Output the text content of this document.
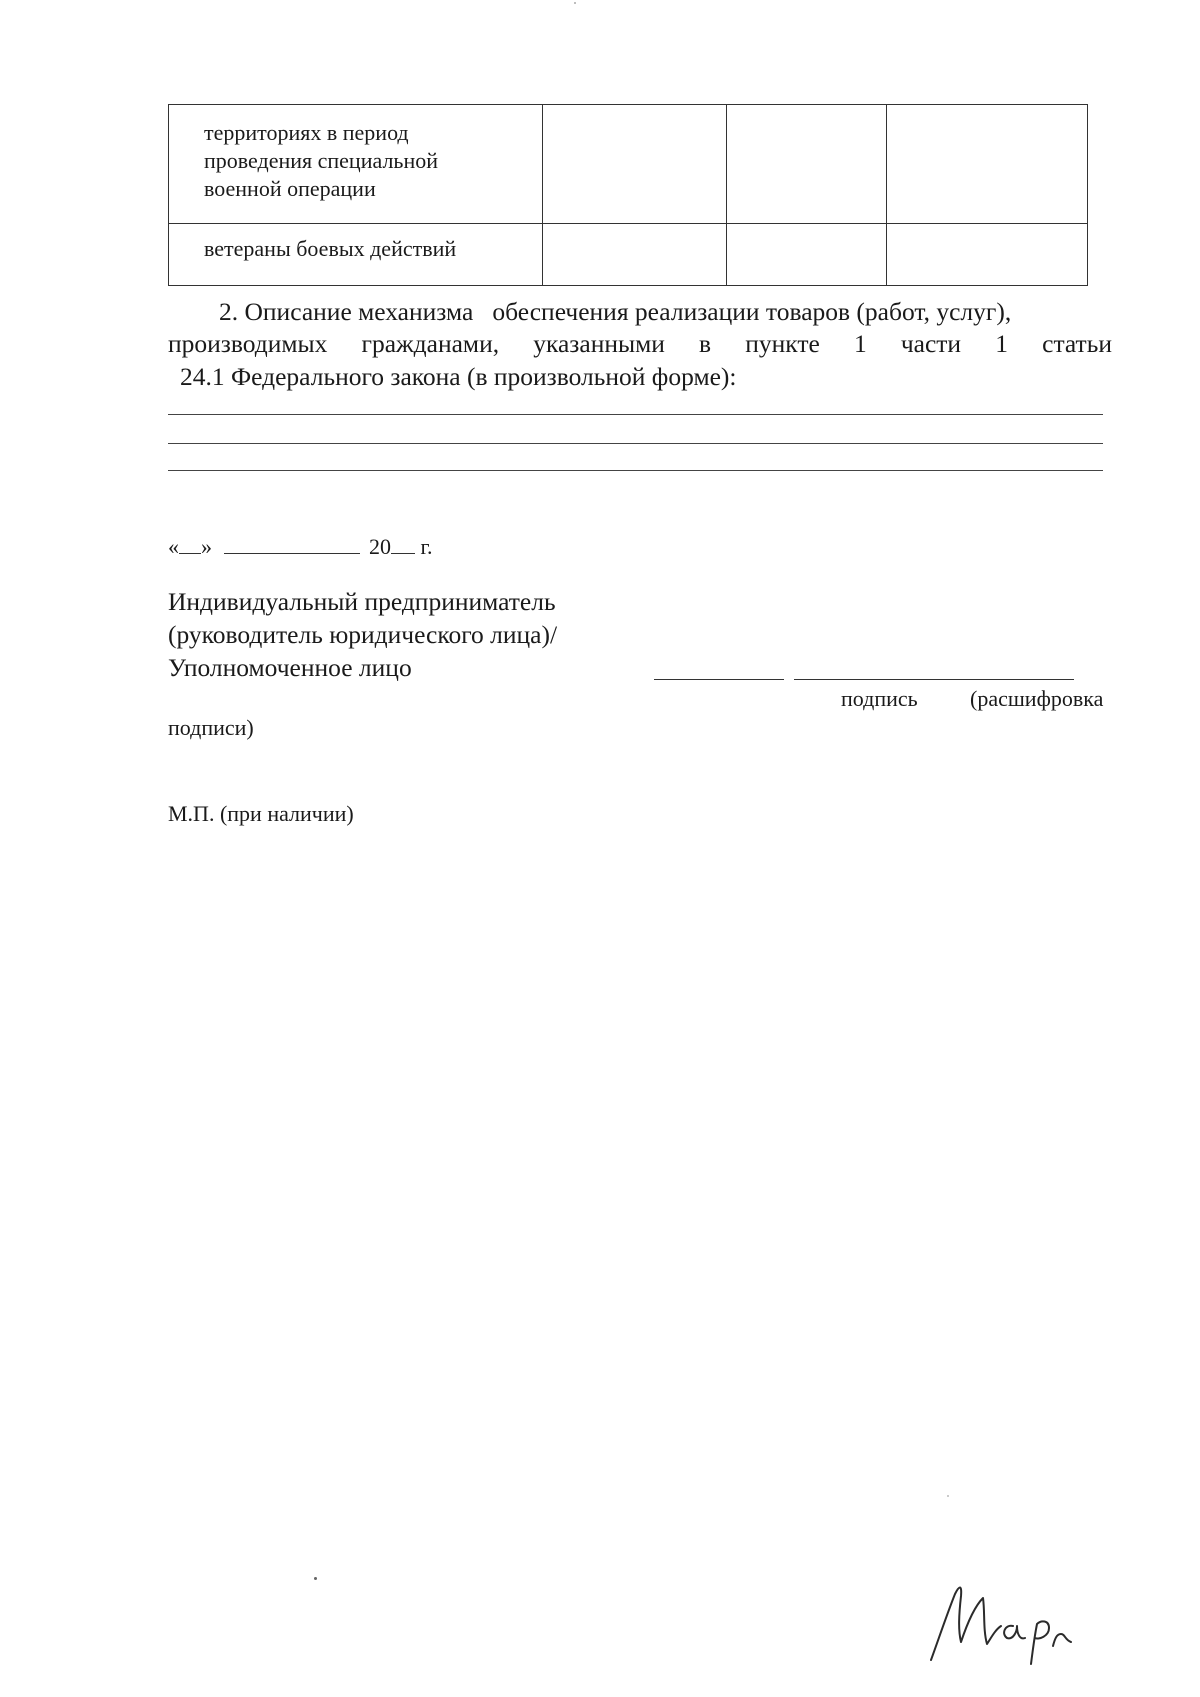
территориях в период
проведения специальной
военной операции			

ветераны боевых действий			

2. Описание механизма   обеспечения реализации товаров (работ, услуг),
производимых гражданами, указанными в пункте 1 части 1 статьи
24.1 Федерального закона (в произвольной форме):
« »	20 г.
Индивидуальный предприниматель
(руководитель юридического лица)/
Уполномоченное лицо
подпись (расшифровка
подписи)
М.П. (при наличии)
